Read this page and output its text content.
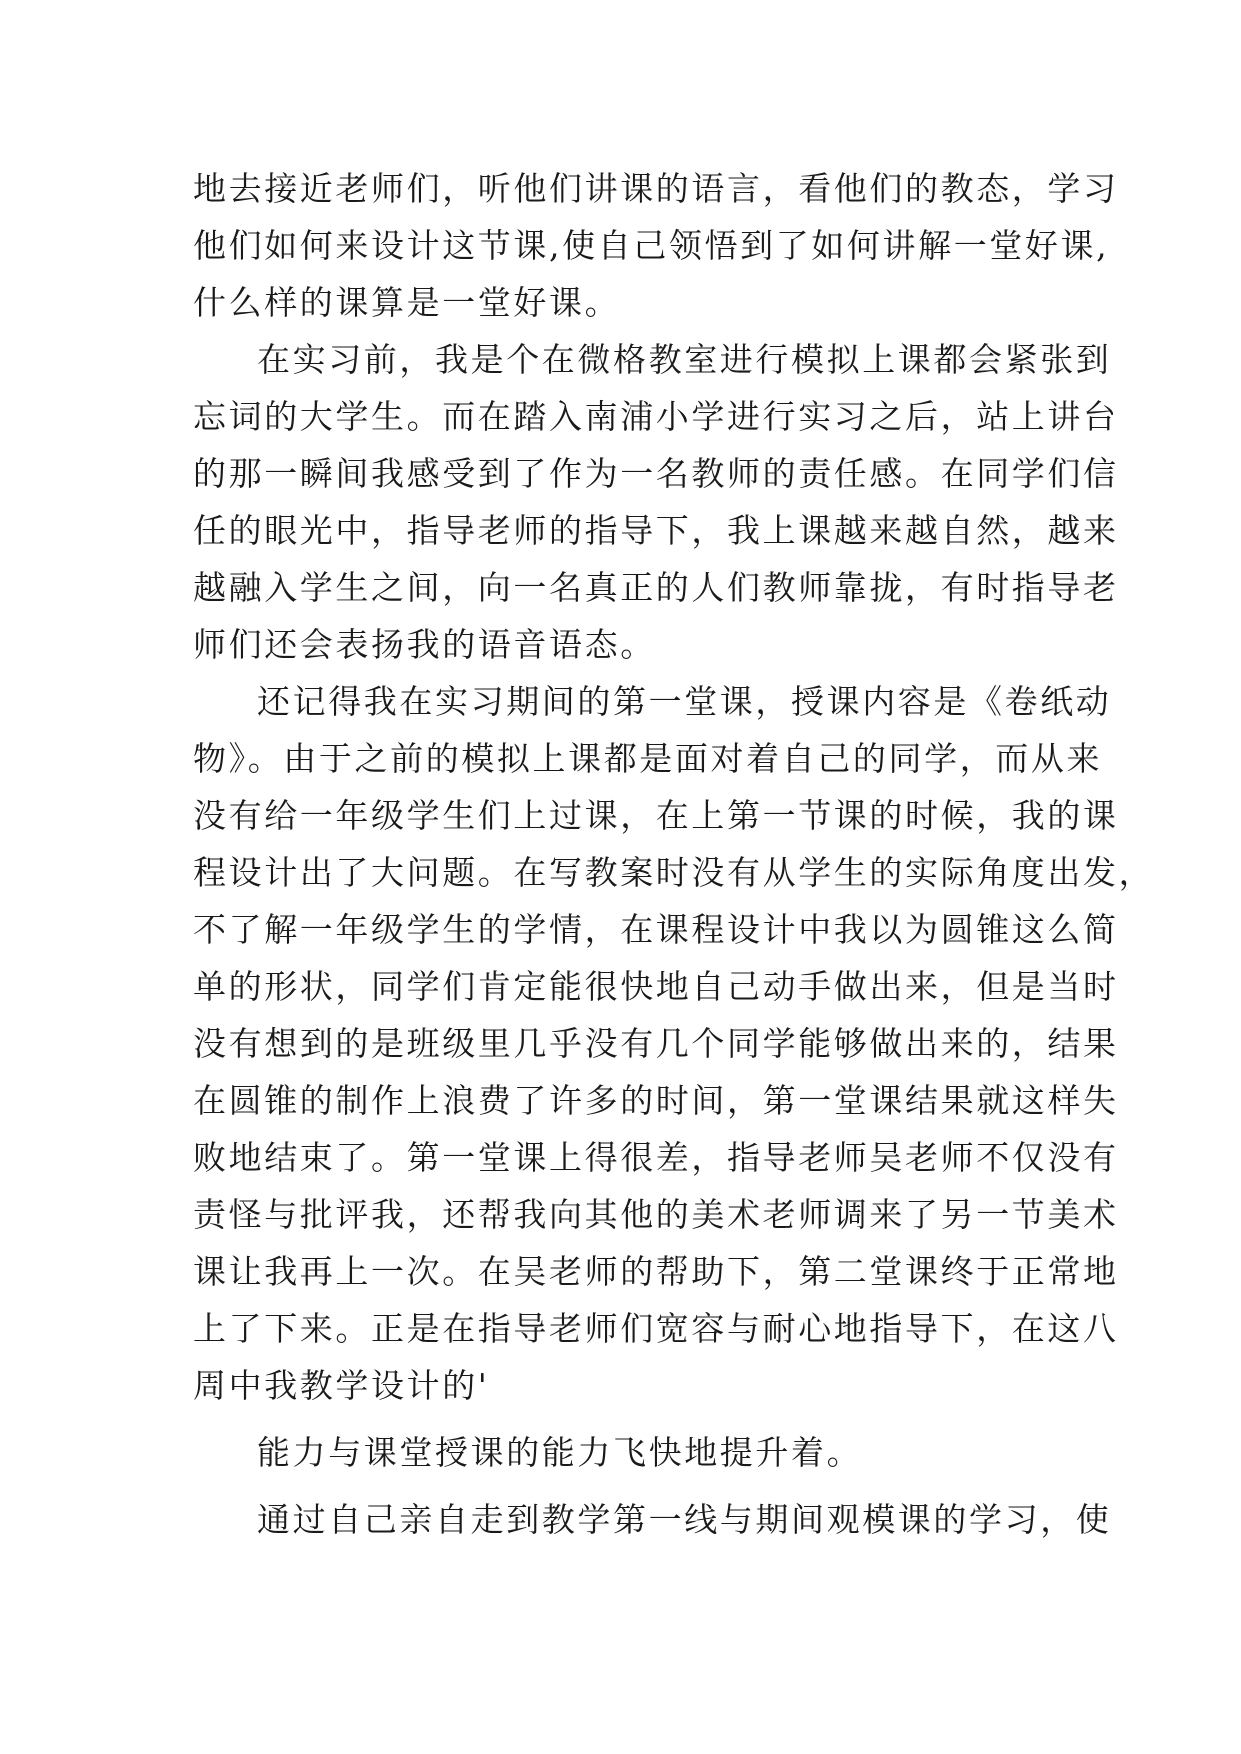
地去接近老师们，听他们讲课的语言，看他们的教态，学习
他们如何来设计这节课,使自己领悟到了如何讲解一堂好课,
什么样的课算是一堂好课。
在实习前，我是个在微格教室进行模拟上课都会紧张到
忘词的大学生。而在踏入南浦小学进行实习之后，站上讲台
的那一瞬间我感受到了作为一名教师的责任感。在同学们信
任的眼光中，指导老师的指导下，我上课越来越自然，越来
越融入学生之间，向一名真正的人们教师靠拢，有时指导老
师们还会表扬我的语音语态。
还记得我在实习期间的第一堂课，授课内容是《卷纸动
物》。由于之前的模拟上课都是面对着自己的同学，而从来
没有给一年级学生们上过课，在上第一节课的时候，我的课
程设计出了大问题。在写教案时没有从学生的实际角度出发，
不了解一年级学生的学情，在课程设计中我以为圆锥这么简
单的形状，同学们肯定能很快地自己动手做出来，但是当时
没有想到的是班级里几乎没有几个同学能够做出来的，结果
在圆锥的制作上浪费了许多的时间，第一堂课结果就这样失
败地结束了。第一堂课上得很差，指导老师吴老师不仅没有
责怪与批评我，还帮我向其他的美术老师调来了另一节美术
课让我再上一次。在吴老师的帮助下，第二堂课终于正常地
上了下来。正是在指导老师们宽容与耐心地指导下，在这八
周中我教学设计的'
能力与课堂授课的能力飞快地提升着。
通过自己亲自走到教学第一线与期间观模课的学习，使
